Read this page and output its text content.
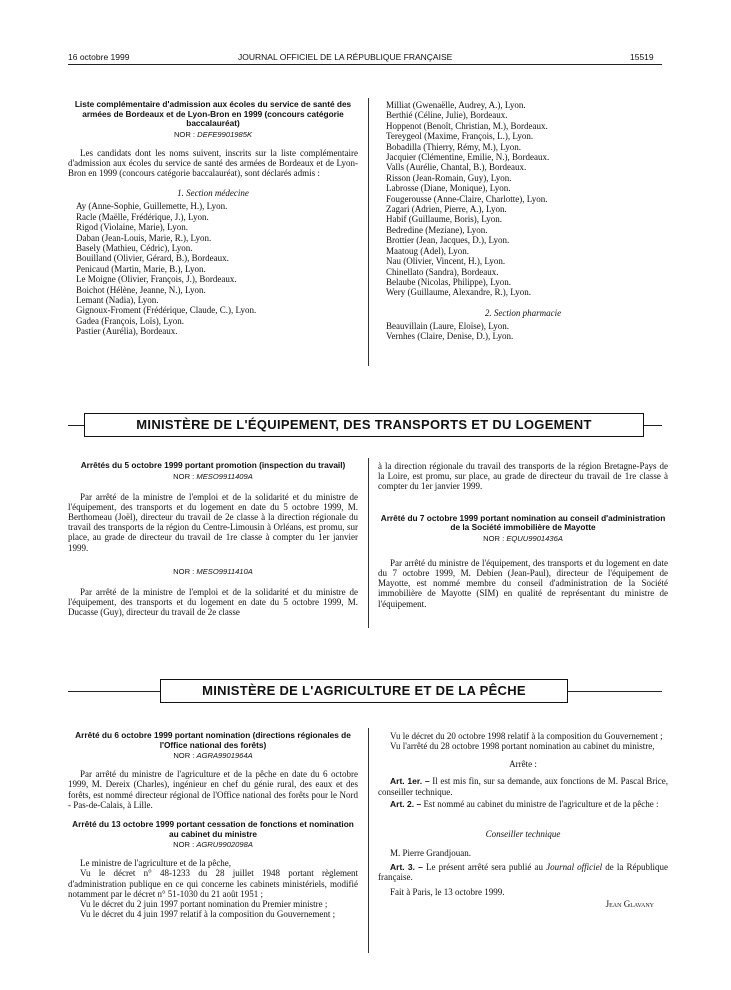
16 octobre 1999	JOURNAL OFFICIEL DE LA RÉPUBLIQUE FRANÇAISE	15519
Liste complémentaire d'admission aux écoles du service de santé des armées de Bordeaux et de Lyon-Bron en 1999 (concours catégorie baccalauréat)
NOR : DEFE9901985K

Les candidats dont les noms suivent, inscrits sur la liste complémentaire d'admission aux écoles du service de santé des armées de Bordeaux et de Lyon-Bron en 1999 (concours catégorie baccalauréat), sont déclarés admis :

1. Section médecine
Ay (Anne-Sophie, Guillemette, H.), Lyon.
Racle (Maëlle, Frédérique, J.), Lyon.
Rigod (Violaine, Marie), Lyon.
Daban (Jean-Louis, Marie, R.), Lyon.
Basely (Mathieu, Cédric), Lyon.
Bouilland (Olivier, Gérard, B.), Bordeaux.
Penicaud (Martin, Marie, B.), Lyon.
Le Moigne (Olivier, François, J.), Bordeaux.
Boichot (Hélène, Jeanne, N.), Lyon.
Lemant (Nadia), Lyon.
Gignoux-Froment (Frédérique, Claude, C.), Lyon.
Gadea (François, Loïs), Lyon.
Pastier (Aurélia), Bordeaux.
Milliat (Gwenaëlle, Audrey, A.), Lyon.
Berthié (Céline, Julie), Bordeaux.
Hoppenot (Benoît, Christian, M.), Bordeaux.
Tereygeol (Maxime, François, L.), Lyon.
Bobadilla (Thierry, Rémy, M.), Lyon.
Jacquier (Clémentine, Emilie, N.), Bordeaux.
Valls (Aurélie, Chantal, B.), Bordeaux.
Risson (Jean-Romain, Guy), Lyon.
Labrosse (Diane, Monique), Lyon.
Fougerousse (Anne-Claire, Charlotte), Lyon.
Zagari (Adrien, Pierre, A.), Lyon.
Habif (Guillaume, Boris), Lyon.
Bedredine (Meziane), Lyon.
Brottier (Jean, Jacques, D.), Lyon.
Maatoug (Adel), Lyon.
Nau (Olivier, Vincent, H.), Lyon.
Chinellato (Sandra), Bordeaux.
Belaube (Nicolas, Philippe), Lyon.
Wery (Guillaume, Alexandre, R.), Lyon.
2. Section pharmacie
Beauvillain (Laure, Eloïse), Lyon.
Vernhes (Claire, Denise, D.), Lyon.
MINISTÈRE DE L'ÉQUIPEMENT, DES TRANSPORTS ET DU LOGEMENT
Arrêtés du 5 octobre 1999 portant promotion (inspection du travail)
NOR : MESO9911409A

Par arrêté de la ministre de l'emploi et de la solidarité et du ministre de l'équipement, des transports et du logement en date du 5 octobre 1999, M. Berthomeau (Joël), directeur du travail de 2e classe à la direction régionale du travail des transports de la région du Centre-Limousin à Orléans, est promu, sur place, au grade de directeur du travail de 1re classe à compter du 1er janvier 1999.

NOR : MESO9911410A

Par arrêté de la ministre de l'emploi et de la solidarité et du ministre de l'équipement, des transports et du logement en date du 5 octobre 1999, M. Ducasse (Guy), directeur du travail de 2e classe

à la direction régionale du travail des transports de la région Bretagne-Pays de la Loire, est promu, sur place, au grade de directeur du travail de 1re classe à compter du 1er janvier 1999.

Arrêté du 7 octobre 1999 portant nomination au conseil d'administration de la Société immobilière de Mayotte
NOR : EQUU9901436A

Par arrêté du ministre de l'équipement, des transports et du logement en date du 7 octobre 1999, M. Debien (Jean-Paul), directeur de l'équipement de Mayotte, est nommé membre du conseil d'administration de la Société immobilière de Mayotte (SIM) en qualité de représentant du ministre de l'équipement.

MINISTÈRE DE L'AGRICULTURE ET DE LA PÊCHE
Arrêté du 6 octobre 1999 portant nomination (directions régionales de l'Office national des forêts)
NOR : AGRA9901964A

Par arrêté du ministre de l'agriculture et de la pêche en date du 6 octobre 1999, M. Dereix (Charles), ingénieur en chef du génie rural, des eaux et des forêts, est nommé directeur régional de l'Office national des forêts pour le Nord - Pas-de-Calais, à Lille.

Arrêté du 13 octobre 1999 portant cessation de fonctions et nomination au cabinet du ministre
NOR : AGRU9902098A

Le ministre de l'agriculture et de la pêche,

Vu le décret n° 48-1233 du 28 juillet 1948 portant règlement d'administration publique en ce qui concerne les cabinets ministériels, modifié notamment par le décret n° 51-1030 du 21 août 1951 ;

Vu le décret du 2 juin 1997 portant nomination du Premier ministre ;

Vu le décret du 4 juin 1997 relatif à la composition du Gouvernement ;

Vu le décret du 20 octobre 1998 relatif à la composition du Gouvernement ;

Vu l'arrêté du 28 octobre 1998 portant nomination au cabinet du ministre,

Arrête :

Art. 1er. – Il est mis fin, sur sa demande, aux fonctions de M. Pascal Brice, conseiller technique.

Art. 2. – Est nommé au cabinet du ministre de l'agriculture et de la pêche :

Conseiller technique

M. Pierre Grandjouan.

Art. 3. – Le présent arrêté sera publié au Journal officiel de la République française.

Fait à Paris, le 13 octobre 1999.

Jean Glavany
